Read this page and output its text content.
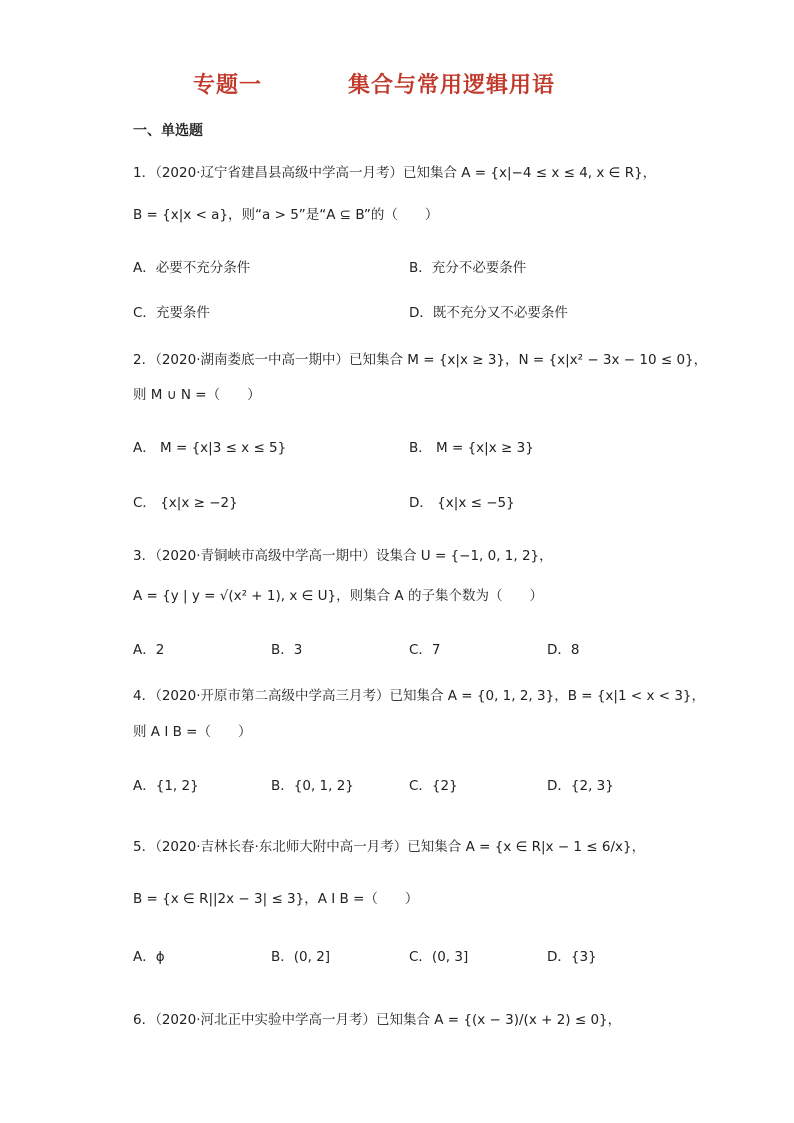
专题一	集合与常用逻辑用语
一、单选题
1．（2020·辽宁省建昌县高级中学高一月考）已知集合 A = {x|−4 ≤ x ≤ 4, x ∈ R}，
B = {x|x < a}，则“a > 5”是“A ⊆ B”的（　　）
A．必要不充分条件	B．充分不必要条件
C．充要条件	D．既不充分又不必要条件
2．（2020·湖南娄底一中高一期中）已知集合 M = {x|x ≥ 3}，N = {x|x² − 3x − 10 ≤ 0}，
则 M ∪ N =（　　）
A． M = {x|3 ≤ x ≤ 5}	B． M = {x|x ≥ 3}
C． {x|x ≥ −2}	D． {x|x ≤ −5}
3．（2020·青铜峡市高级中学高一期中）设集合 U = {−1, 0, 1, 2}，
A = {y | y = √(x² + 1), x ∈ U}，则集合 A 的子集个数为（　　）
A．2	B．3	C．7	D．8
4．（2020·开原市第二高级中学高三月考）已知集合 A = {0, 1, 2, 3}，B = {x|1 < x < 3}，
则 A I B =（　　）
A．{1, 2}	B．{0, 1, 2}	C．{2}	D．{2, 3}
5．（2020·吉林长春·东北师大附中高一月考）已知集合 A = {x ∈ R|x − 1 ≤ 6/x}，
B = {x ∈ R||2x − 3| ≤ 3}，A I B =（　　）
A．ϕ	B．(0, 2]	C．(0, 3]	D．{3}
6．（2020·河北正中实验中学高一月考）已知集合 A = {(x − 3)/(x + 2) ≤ 0}，
